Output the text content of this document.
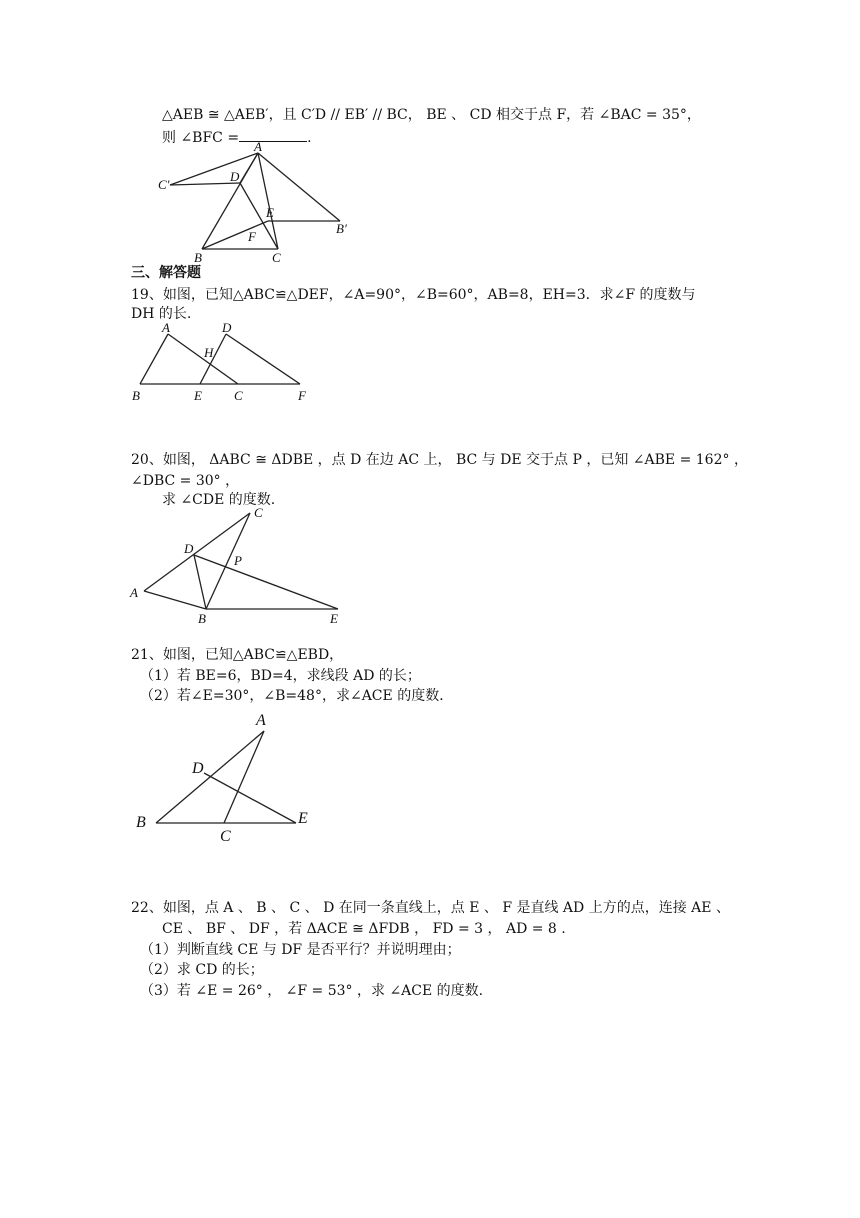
△AEB ≅ △AEB′，且 C′D // EB′ // BC， BE 、 CD 相交于点 F，若 ∠BAC = 35°，
则 ∠BFC =	.
A
C′
D
E
B′
F
B	C
三、解答题
19、如图，已知△ABC≌△DEF，∠A=90°，∠B=60°，AB=8，EH=3．求∠F 的度数与
DH 的长.
A	D
H
B	E C	F
20、如图， ΔABC ≅ ΔDBE ，点 D 在边 AC 上， BC 与 DE 交于点 P ，已知 ∠ABE = 162° ，
∠DBC = 30° ，
求 ∠CDE 的度数.
C
D
P
A
B	E
21、如图，已知△ABC≌△EBD，
（1）若 BE=6，BD=4，求线段 AD 的长；
（2）若∠E=30°，∠B=48°，求∠ACE 的度数．
A
D
B
C
E
22、如图，点 A 、 B 、 C 、 D 在同一条直线上，点 E 、 F 是直线 AD 上方的点，连接 AE 、
CE 、 BF 、 DF ，若 ΔACE ≅ ΔFDB ， FD = 3 ， AD = 8 .
（1）判断直线 CE 与 DF 是否平行？并说明理由；
（2）求 CD 的长；
（3）若 ∠E = 26° ， ∠F = 53° ，求 ∠ACE 的度数.
